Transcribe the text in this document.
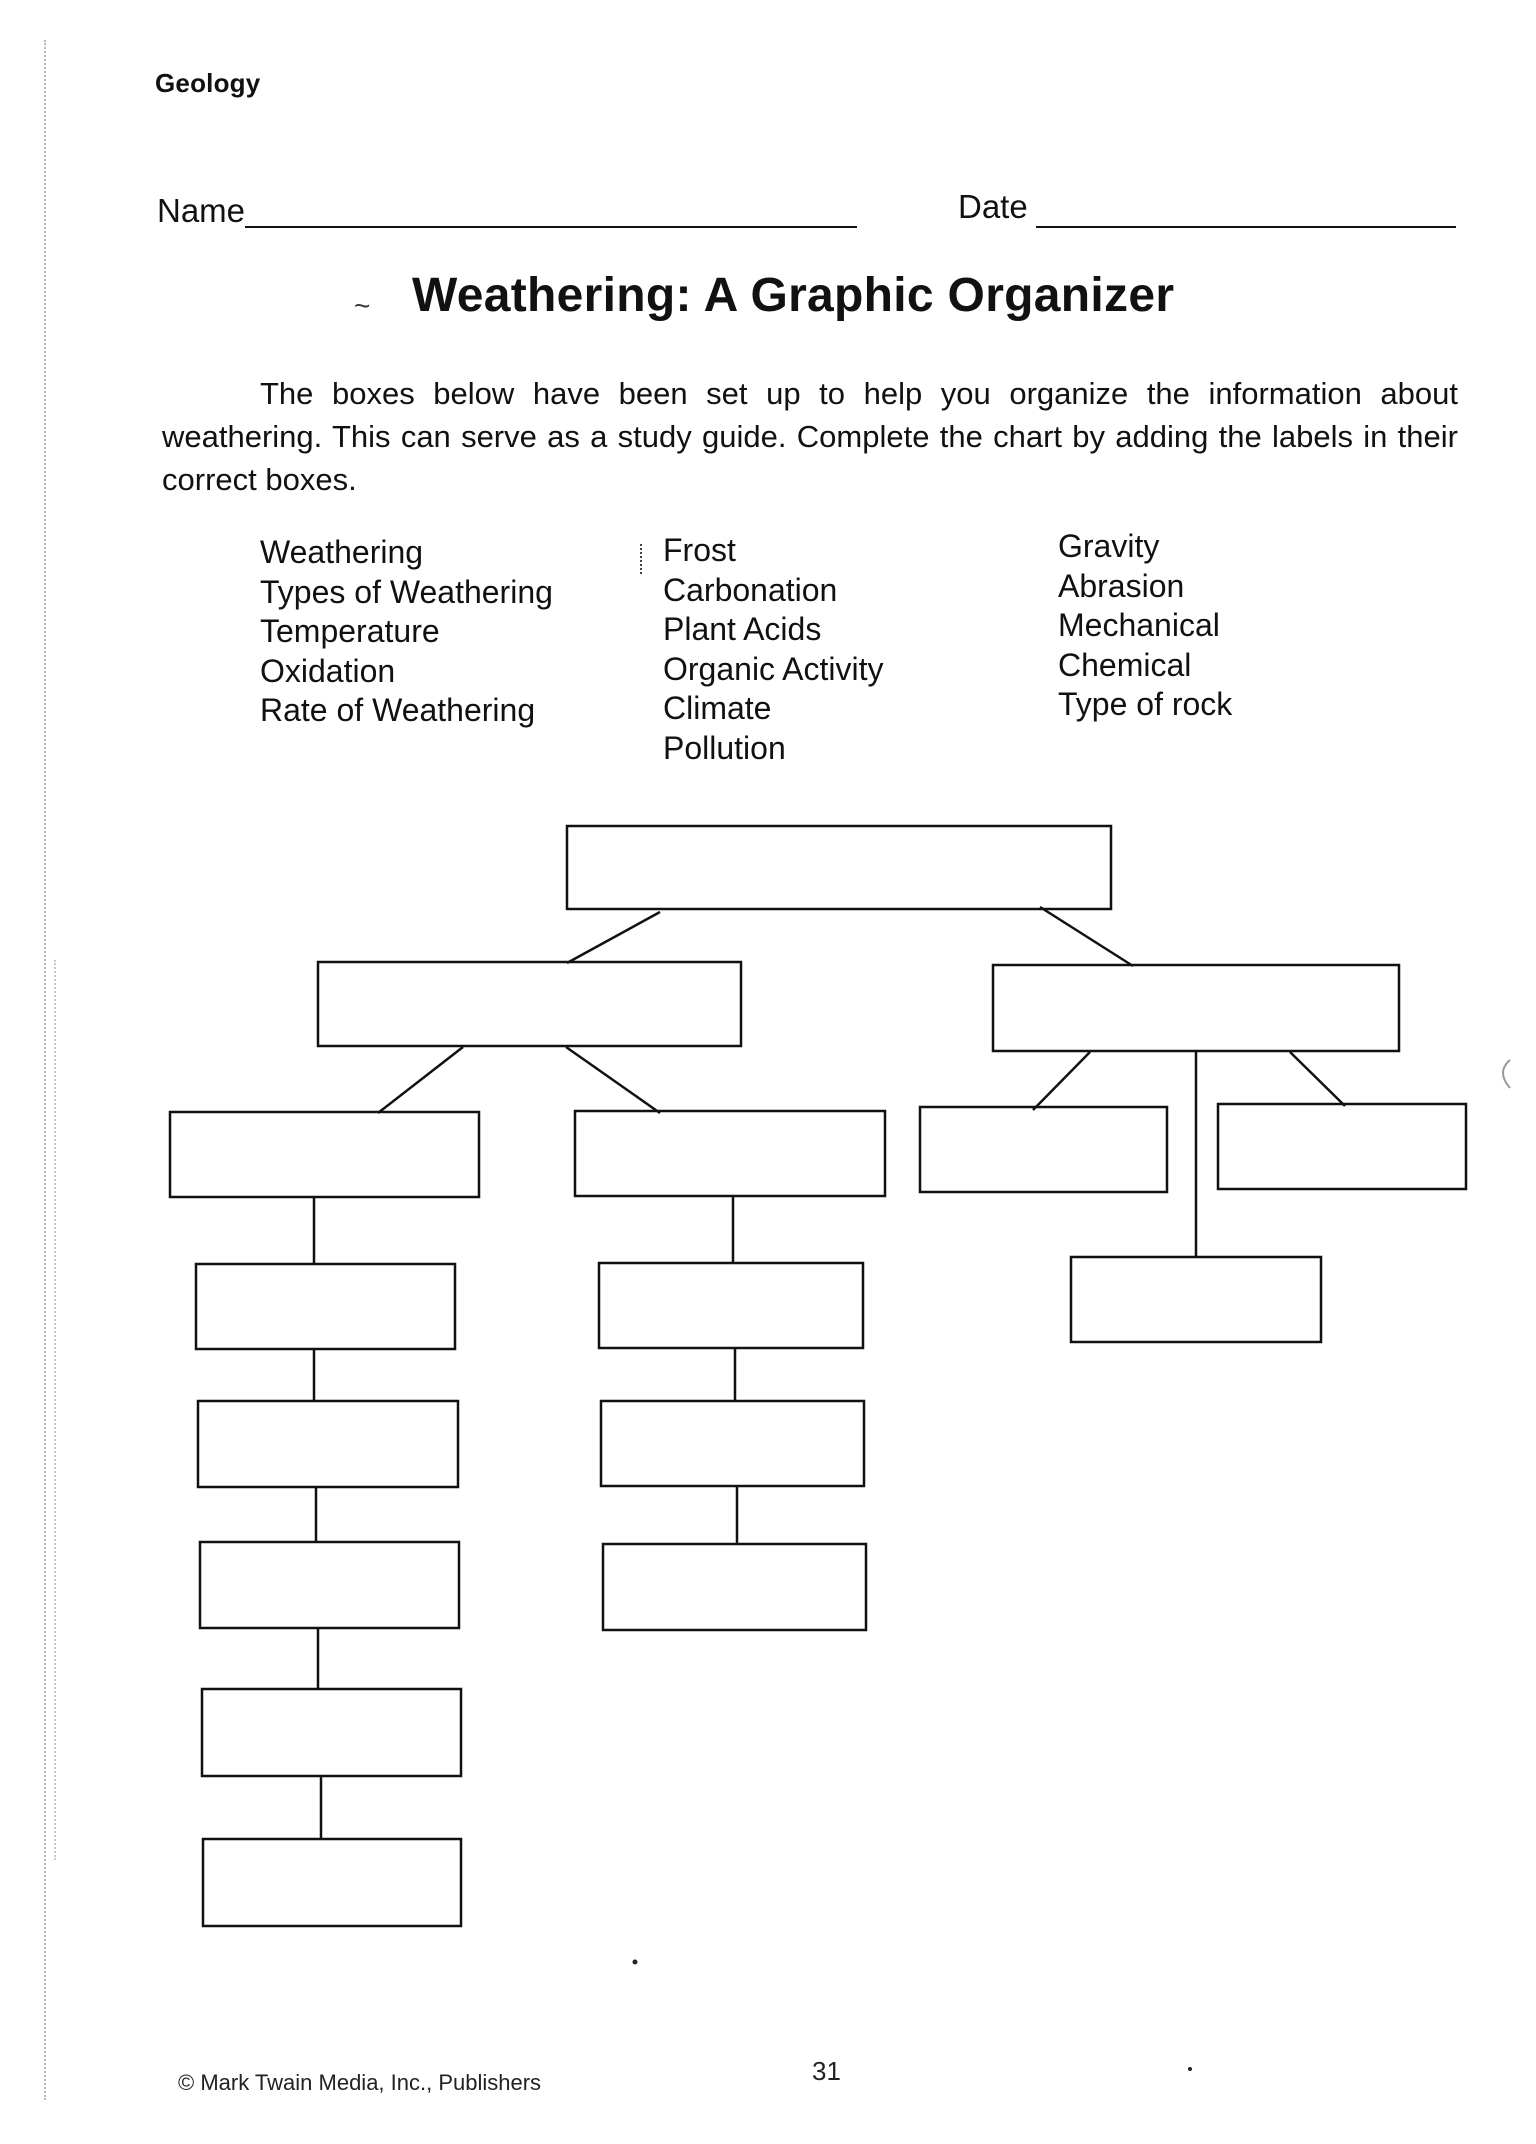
Geology
Name	Date
~ Weathering: A Graphic Organizer
The boxes below have been set up to help you organize the information about weathering. This can serve as a study guide. Complete the chart by adding the labels in their correct boxes.
Weathering
Types of Weathering
Temperature
Oxidation
Rate of Weathering
Frost
Carbonation
Plant Acids
Organic Activity
Climate
Pollution
Gravity
Abrasion
Mechanical
Chemical
Type of rock
© Mark Twain Media, Inc., Publishers	31
